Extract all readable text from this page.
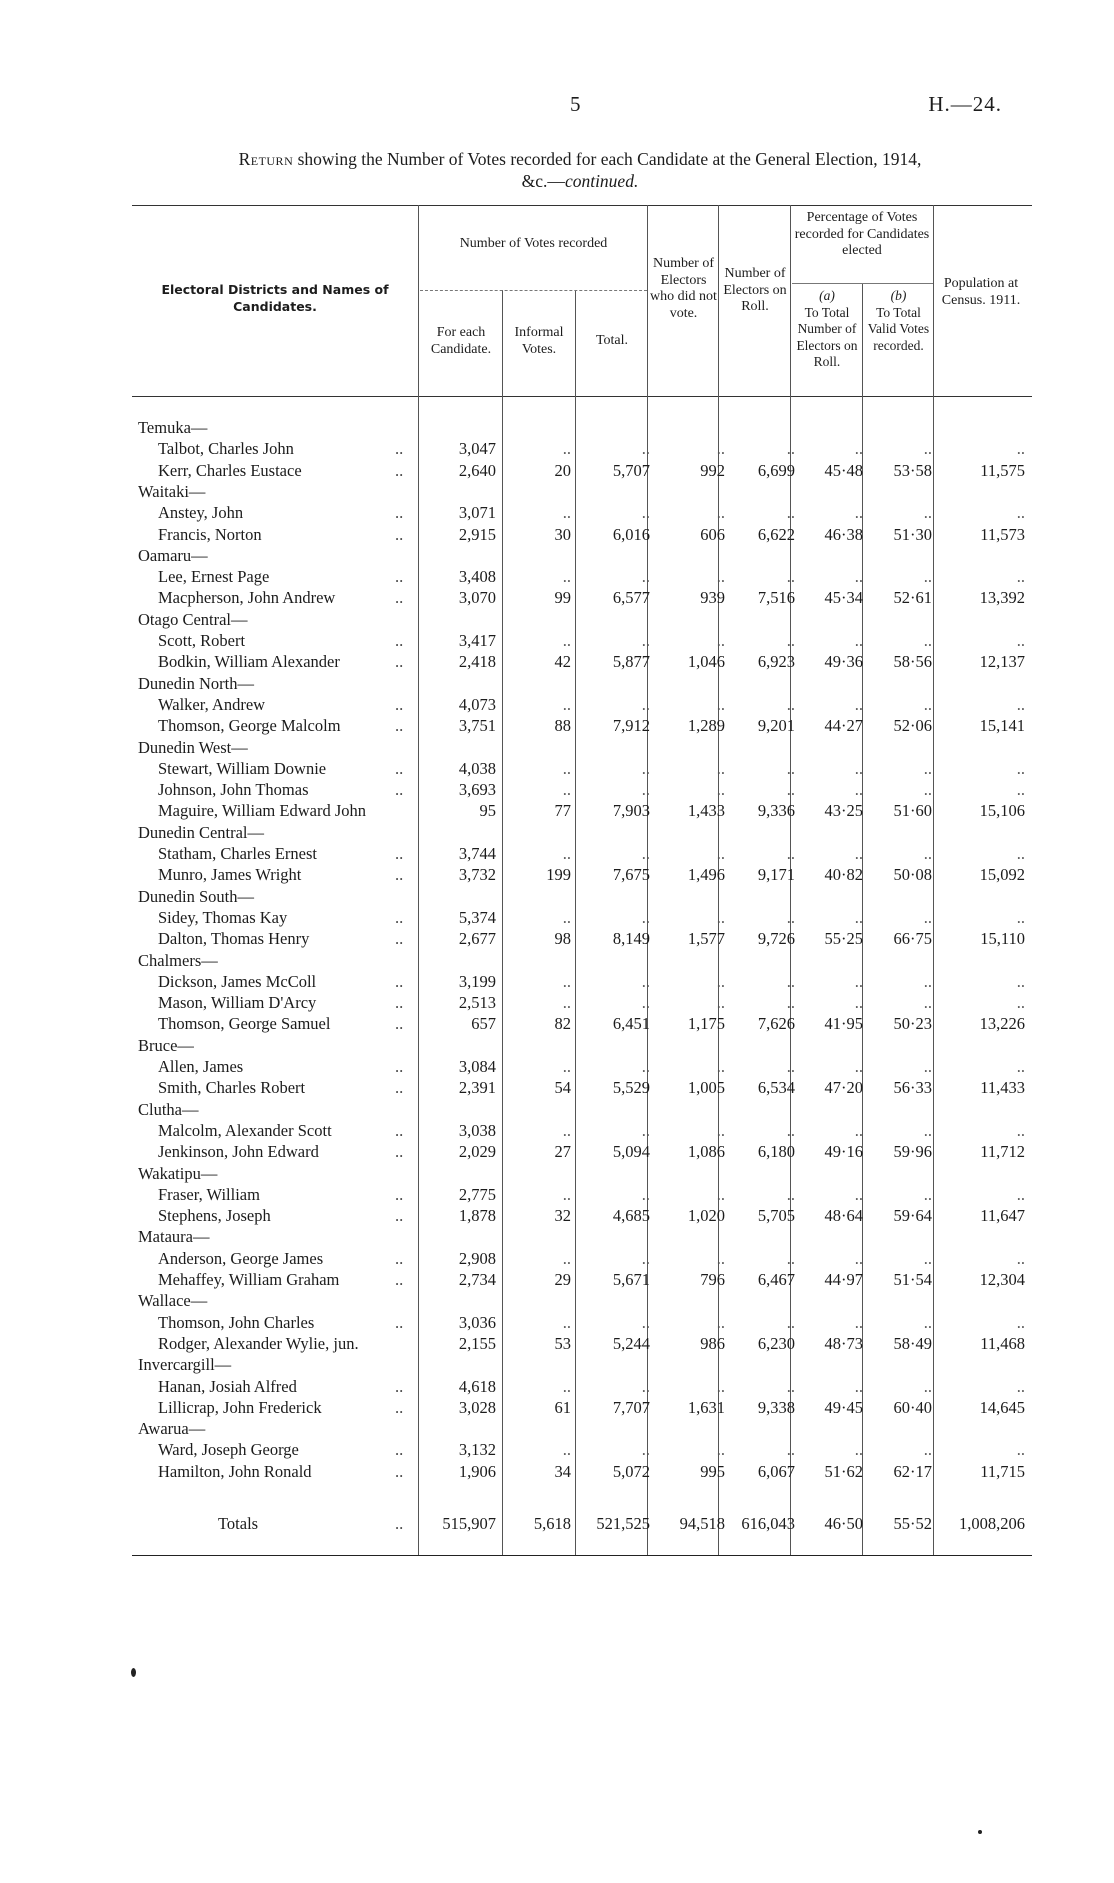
5	H.—24.
Return showing the Number of Votes recorded for each Candidate at the General Election, 1914,
&c.—continued.
Electoral Districts and Names of Candidates.
Number of Votes recorded
For each Candidate.
Informal Votes.
Total.
Number of Electors who did not vote.
Number of Electors on Roll.
Percentage of Votes recorded for Candidates elected
(a)
To Total Number of Electors on Roll.
(b)
To Total Valid Votes recorded.
Population at Census. 1911.
Temuka—
Talbot, Charles John	..	3,047	..	..	..	..	..	..	..
Kerr, Charles Eustace	..	2,640	20	5,707	992	6,699	45·48	53·58	11,575
Waitaki—
Anstey, John	..	3,071	..	..	..	..	..	..	..
Francis, Norton	..	2,915	30	6,016	606	6,622	46·38	51·30	11,573
Oamaru—
Lee, Ernest Page	..	3,408	..	..	..	..	..	..	..
Macpherson, John Andrew	..	3,070	99	6,577	939	7,516	45·34	52·61	13,392
Otago Central—
Scott, Robert	..	3,417	..	..	..	..	..	..	..
Bodkin, William Alexander	..	2,418	42	5,877	1,046	6,923	49·36	58·56	12,137
Dunedin North—
Walker, Andrew	..	4,073	..	..	..	..	..	..	..
Thomson, George Malcolm	..	3,751	88	7,912	1,289	9,201	44·27	52·06	15,141
Dunedin West—
Stewart, William Downie	..	4,038	..	..	..	..	..	..	..
Johnson, John Thomas	..	3,693	..	..	..	..	..	..	..
Maguire, William Edward John	95	77	7,903	1,433	9,336	43·25	51·60	15,106
Dunedin Central—
Statham, Charles Ernest	..	3,744	..	..	..	..	..	..	..
Munro, James Wright	..	3,732	199	7,675	1,496	9,171	40·82	50·08	15,092
Dunedin South—
Sidey, Thomas Kay	..	5,374	..	..	..	..	..	..	..
Dalton, Thomas Henry	..	2,677	98	8,149	1,577	9,726	55·25	66·75	15,110
Chalmers—
Dickson, James McColl	..	3,199	..	..	..	..	..	..	..
Mason, William D'Arcy	..	2,513	..	..	..	..	..	..	..
Thomson, George Samuel	..	657	82	6,451	1,175	7,626	41·95	50·23	13,226
Bruce—
Allen, James	..	3,084	..	..	..	..	..	..	..
Smith, Charles Robert	..	2,391	54	5,529	1,005	6,534	47·20	56·33	11,433
Clutha—
Malcolm, Alexander Scott	..	3,038	..	..	..	..	..	..	..
Jenkinson, John Edward	..	2,029	27	5,094	1,086	6,180	49·16	59·96	11,712
Wakatipu—
Fraser, William	..	2,775	..	..	..	..	..	..	..
Stephens, Joseph	..	1,878	32	4,685	1,020	5,705	48·64	59·64	11,647
Mataura—
Anderson, George James	..	2,908	..	..	..	..	..	..	..
Mehaffey, William Graham	..	2,734	29	5,671	796	6,467	44·97	51·54	12,304
Wallace—
Thomson, John Charles	..	3,036	..	..	..	..	..	..	..
Rodger, Alexander Wylie, jun.	2,155	53	5,244	986	6,230	48·73	58·49	11,468
Invercargill—
Hanan, Josiah Alfred	..	4,618	..	..	..	..	..	..	..
Lillicrap, John Frederick	..	3,028	61	7,707	1,631	9,338	49·45	60·40	14,645
Awarua—
Ward, Joseph George	..	3,132	..	..	..	..	..	..	..
Hamilton, John Ronald	..	1,906	34	5,072	995	6,067	51·62	62·17	11,715
Totals	..	515,907	5,618	521,525	94,518 616,043	46·50	55·52	1,008,206
